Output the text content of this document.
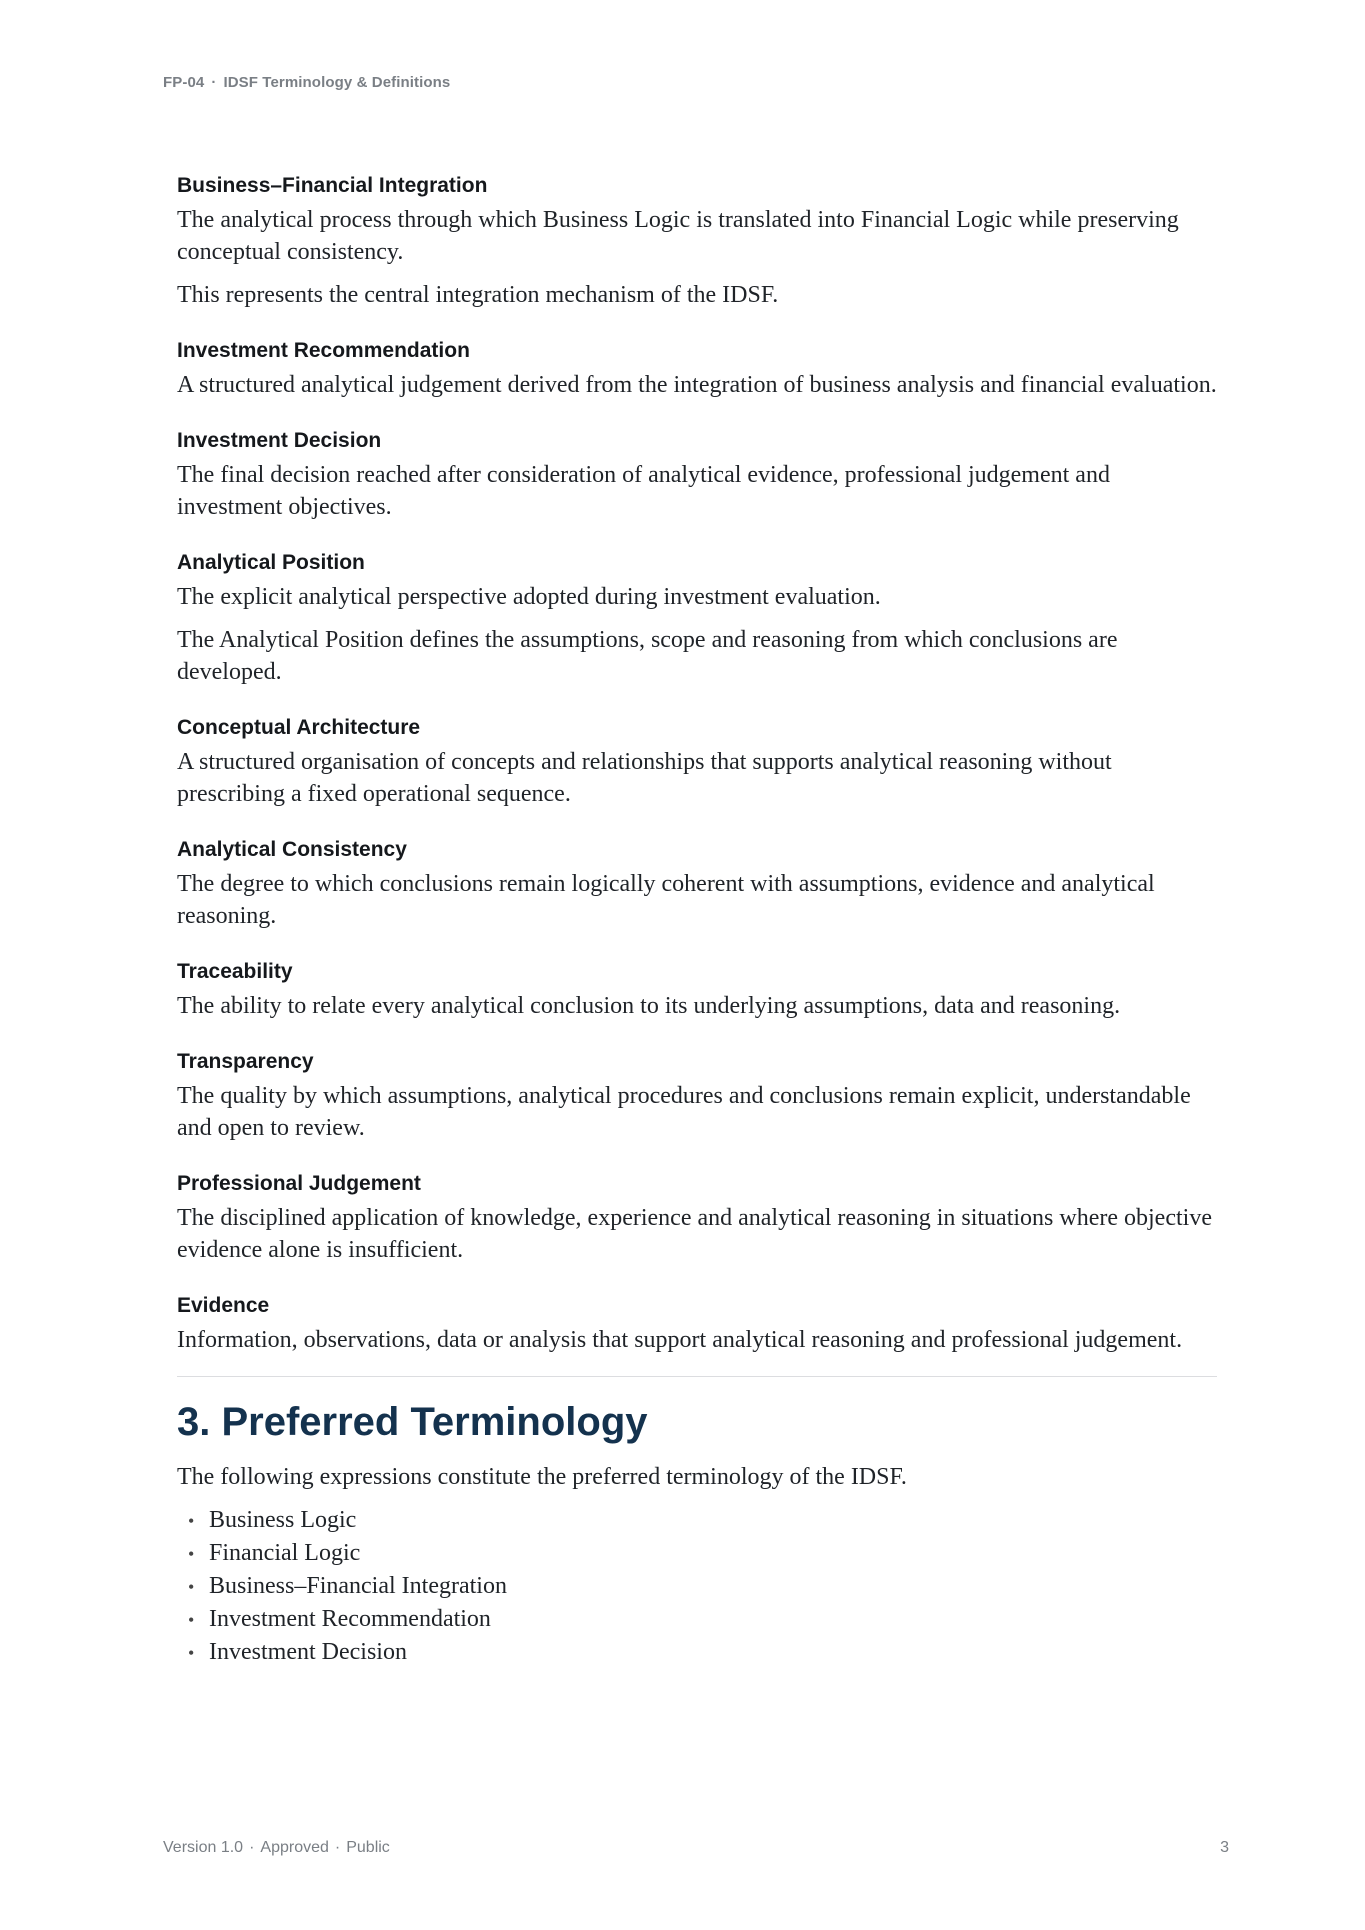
FP-04 · IDSF Terminology & Definitions
Business–Financial Integration

The analytical process through which Business Logic is translated into Financial Logic while preserving conceptual consistency.

This represents the central integration mechanism of the IDSF.

Investment Recommendation

A structured analytical judgement derived from the integration of business analysis and financial evaluation.

Investment Decision

The final decision reached after consideration of analytical evidence, professional judgement and investment objectives.

Analytical Position

The explicit analytical perspective adopted during investment evaluation.

The Analytical Position defines the assumptions, scope and reasoning from which conclusions are developed.

Conceptual Architecture

A structured organisation of concepts and relationships that supports analytical reasoning without prescribing a fixed operational sequence.

Analytical Consistency

The degree to which conclusions remain logically coherent with assumptions, evidence and analytical reasoning.

Traceability

The ability to relate every analytical conclusion to its underlying assumptions, data and reasoning.

Transparency

The quality by which assumptions, analytical procedures and conclusions remain explicit, understandable and open to review.

Professional Judgement

The disciplined application of knowledge, experience and analytical reasoning in situations where objective evidence alone is insufficient.

Evidence

Information, observations, data or analysis that support analytical reasoning and professional judgement.

3. Preferred Terminology

The following expressions constitute the preferred terminology of the IDSF.

• Business Logic
• Financial Logic
• Business–Financial Integration
• Investment Recommendation
• Investment Decision
Version 1.0 · Approved · Public	3
